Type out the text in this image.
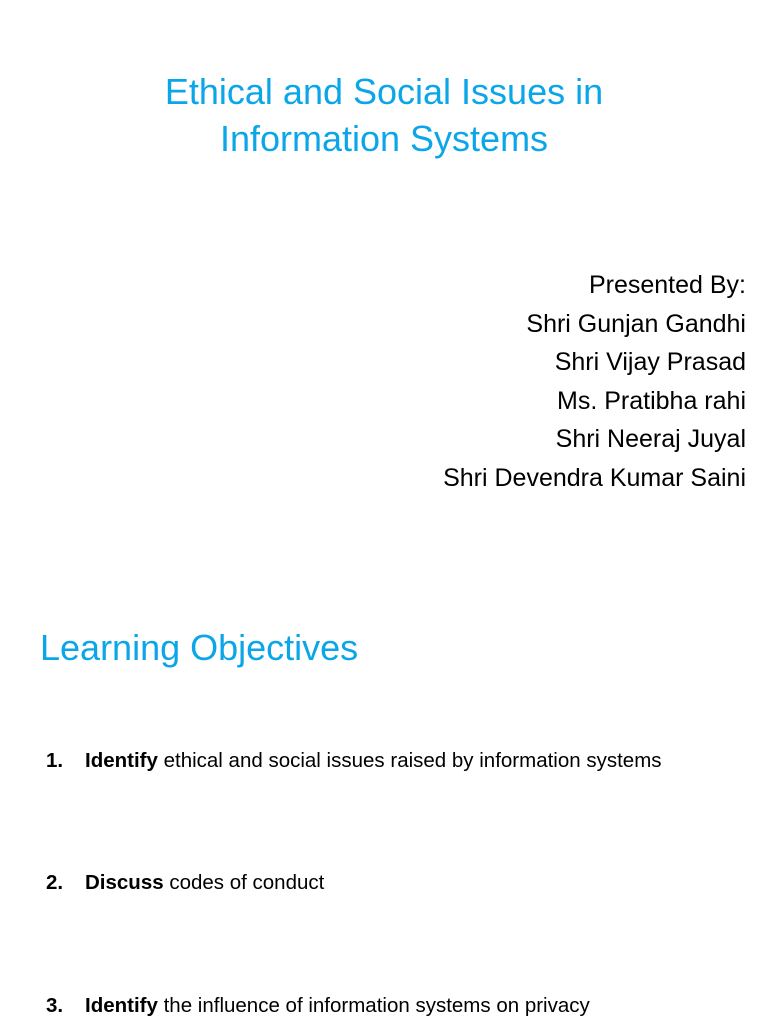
Ethical and Social Issues in
Information Systems
Presented By:
Shri Gunjan Gandhi
Shri Vijay Prasad
Ms. Pratibha rahi
Shri Neeraj Juyal
Shri Devendra Kumar Saini
Learning Objectives
1. Identify ethical and social issues raised by information systems
2. Discuss codes of conduct
3. Identify the influence of information systems on privacy
